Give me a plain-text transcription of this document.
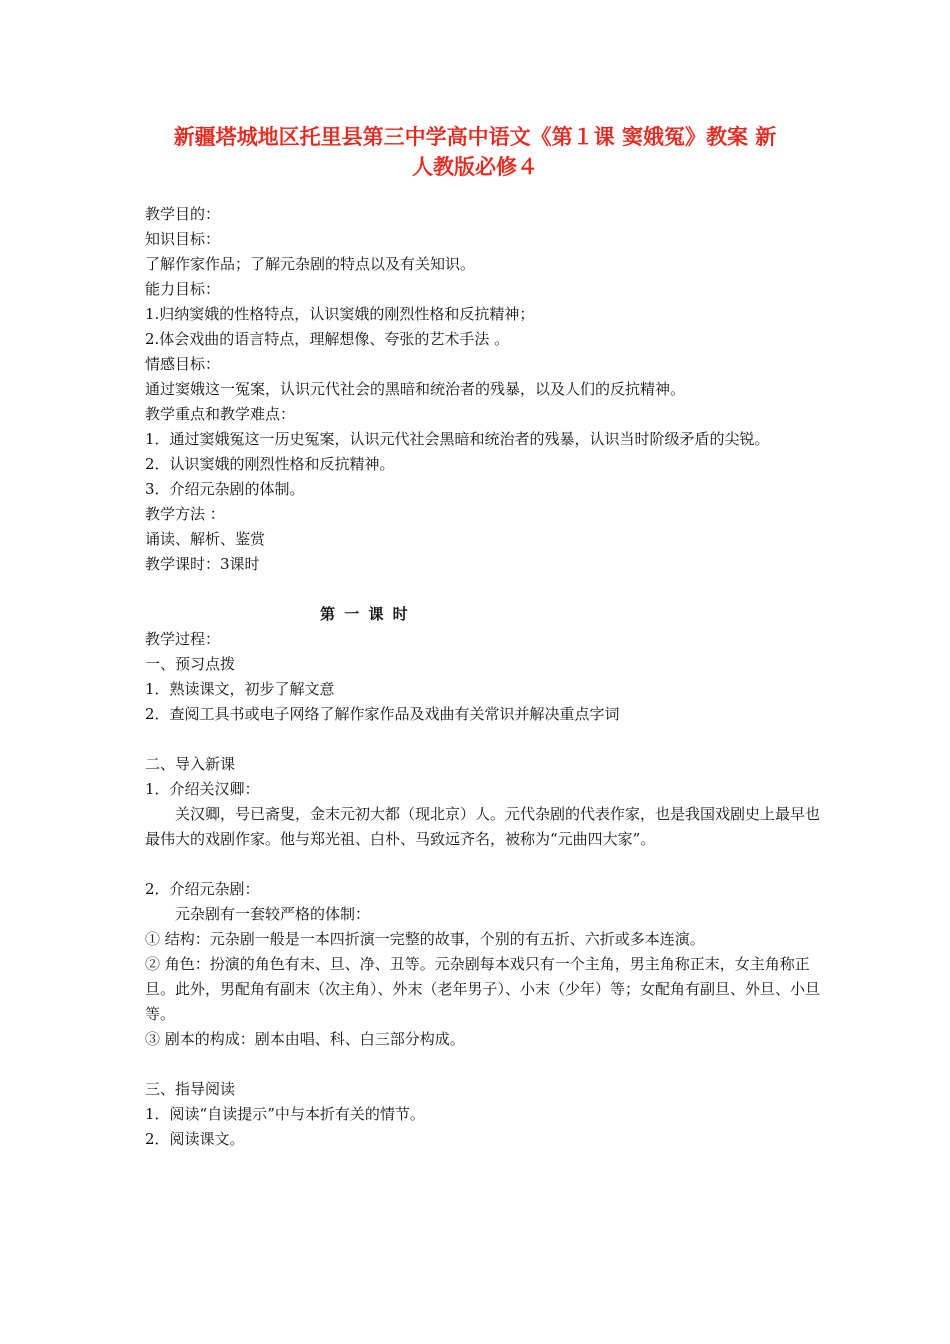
新疆塔城地区托里县第三中学高中语文《第１课 窦娥冤》教案 新
人教版必修４
教学目的：
知识目标：
了解作家作品；了解元杂剧的特点以及有关知识。
能力目标：
1.归纳窦娥的性格特点，认识窦娥的刚烈性格和反抗精神；
2.体会戏曲的语言特点，理解想像、夸张的艺术手法 。
情感目标：
通过窦娥这一冤案，认识元代社会的黑暗和统治者的残暴，以及人们的反抗精神。
教学重点和教学难点：
1．通过窦娥冤这一历史冤案，认识元代社会黑暗和统治者的残暴，认识当时阶级矛盾的尖锐。
2．认识窦娥的刚烈性格和反抗精神。
3．介绍元杂剧的体制。
教学方法 ：
诵读、解析、鉴赏
教学课时：3课时
第 一 课 时
教学过程：
一、预习点拨
1．熟读课文，初步了解文意
2．查阅工具书或电子网络了解作家作品及戏曲有关常识并解决重点字词
二、导入新课
1．介绍关汉卿：
关汉卿，号已斋叟，金末元初大都（现北京）人。元代杂剧的代表作家，也是我国戏剧史上最早也最伟大的戏剧作家。他与郑光祖、白朴、马致远齐名，被称为“元曲四大家”。
2．介绍元杂剧：
元杂剧有一套较严格的体制：
① 结构：元杂剧一般是一本四折演一完整的故事，个别的有五折、六折或多本连演。
② 角色：扮演的角色有末、旦、净、丑等。元杂剧每本戏只有一个主角，男主角称正末，女主角称正旦。此外，男配角有副末（次主角）、外末（老年男子）、小末（少年）等；女配角有副旦、外旦、小旦等。
③ 剧本的构成：剧本由唱、科、白三部分构成。
三、指导阅读
1．阅读“自读提示”中与本折有关的情节。
2．阅读课文。
